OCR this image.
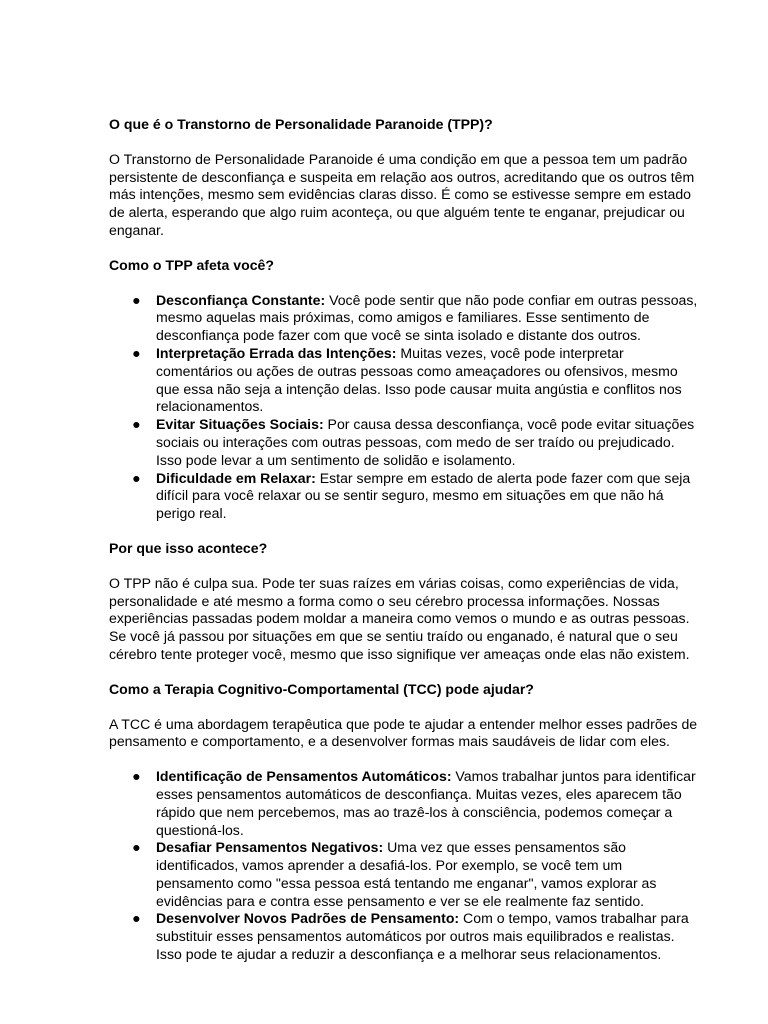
O que é o Transtorno de Personalidade Paranoide (TPP)?

O Transtorno de Personalidade Paranoide é uma condição em que a pessoa tem um padrão persistente de desconfiança e suspeita em relação aos outros, acreditando que os outros têm más intenções, mesmo sem evidências claras disso. É como se estivesse sempre em estado de alerta, esperando que algo ruim aconteça, ou que alguém tente te enganar, prejudicar ou enganar.

Como o TPP afeta você?

● Desconfiança Constante: Você pode sentir que não pode confiar em outras pessoas, mesmo aquelas mais próximas, como amigos e familiares. Esse sentimento de desconfiança pode fazer com que você se sinta isolado e distante dos outros.
● Interpretação Errada das Intenções: Muitas vezes, você pode interpretar comentários ou ações de outras pessoas como ameaçadores ou ofensivos, mesmo que essa não seja a intenção delas. Isso pode causar muita angústia e conflitos nos relacionamentos.
● Evitar Situações Sociais: Por causa dessa desconfiança, você pode evitar situações sociais ou interações com outras pessoas, com medo de ser traído ou prejudicado. Isso pode levar a um sentimento de solidão e isolamento.
● Dificuldade em Relaxar: Estar sempre em estado de alerta pode fazer com que seja difícil para você relaxar ou se sentir seguro, mesmo em situações em que não há perigo real.

Por que isso acontece?

O TPP não é culpa sua. Pode ter suas raízes em várias coisas, como experiências de vida, personalidade e até mesmo a forma como o seu cérebro processa informações. Nossas experiências passadas podem moldar a maneira como vemos o mundo e as outras pessoas. Se você já passou por situações em que se sentiu traído ou enganado, é natural que o seu cérebro tente proteger você, mesmo que isso signifique ver ameaças onde elas não existem.

Como a Terapia Cognitivo-Comportamental (TCC) pode ajudar?

A TCC é uma abordagem terapêutica que pode te ajudar a entender melhor esses padrões de pensamento e comportamento, e a desenvolver formas mais saudáveis de lidar com eles.

● Identificação de Pensamentos Automáticos: Vamos trabalhar juntos para identificar esses pensamentos automáticos de desconfiança. Muitas vezes, eles aparecem tão rápido que nem percebemos, mas ao trazê-los à consciência, podemos começar a questioná-los.
● Desafiar Pensamentos Negativos: Uma vez que esses pensamentos são identificados, vamos aprender a desafiá-los. Por exemplo, se você tem um pensamento como "essa pessoa está tentando me enganar", vamos explorar as evidências para e contra esse pensamento e ver se ele realmente faz sentido.
● Desenvolver Novos Padrões de Pensamento: Com o tempo, vamos trabalhar para substituir esses pensamentos automáticos por outros mais equilibrados e realistas. Isso pode te ajudar a reduzir a desconfiança e a melhorar seus relacionamentos.
